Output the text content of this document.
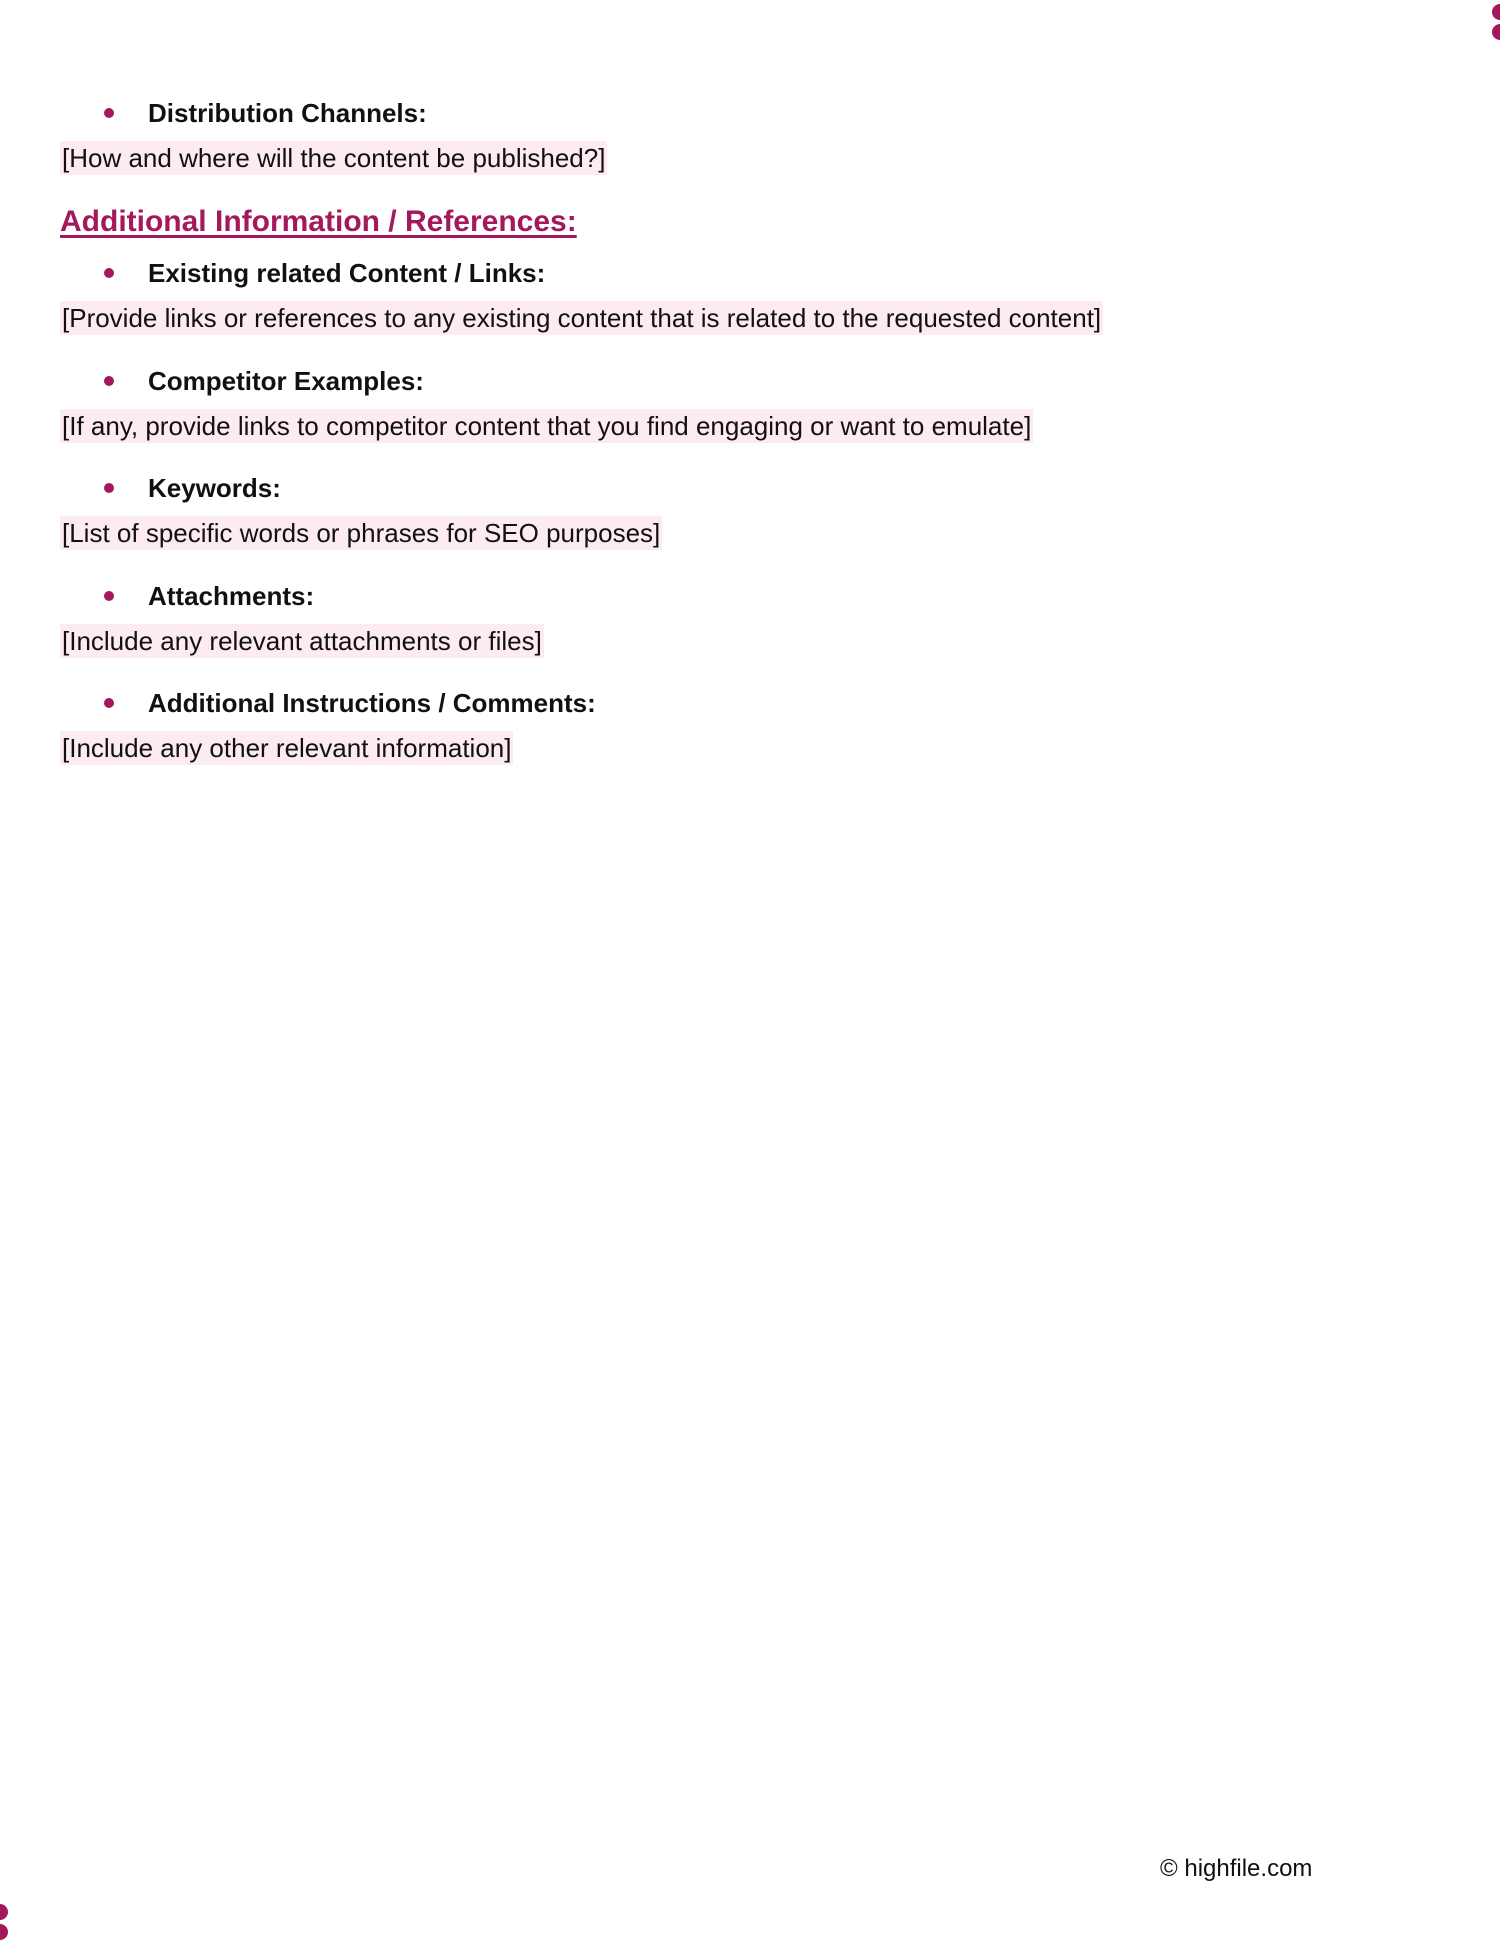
Distribution Channels:
[How and where will the content be published?]
Additional Information / References:
Existing related Content / Links:
[Provide links or references to any existing content that is related to the requested content]
Competitor Examples:
[If any, provide links to competitor content that you find engaging or want to emulate]
Keywords:
[List of specific words or phrases for SEO purposes]
Attachments:
[Include any relevant attachments or files]
Additional Instructions / Comments:
[Include any other relevant information]
© highfile.com
